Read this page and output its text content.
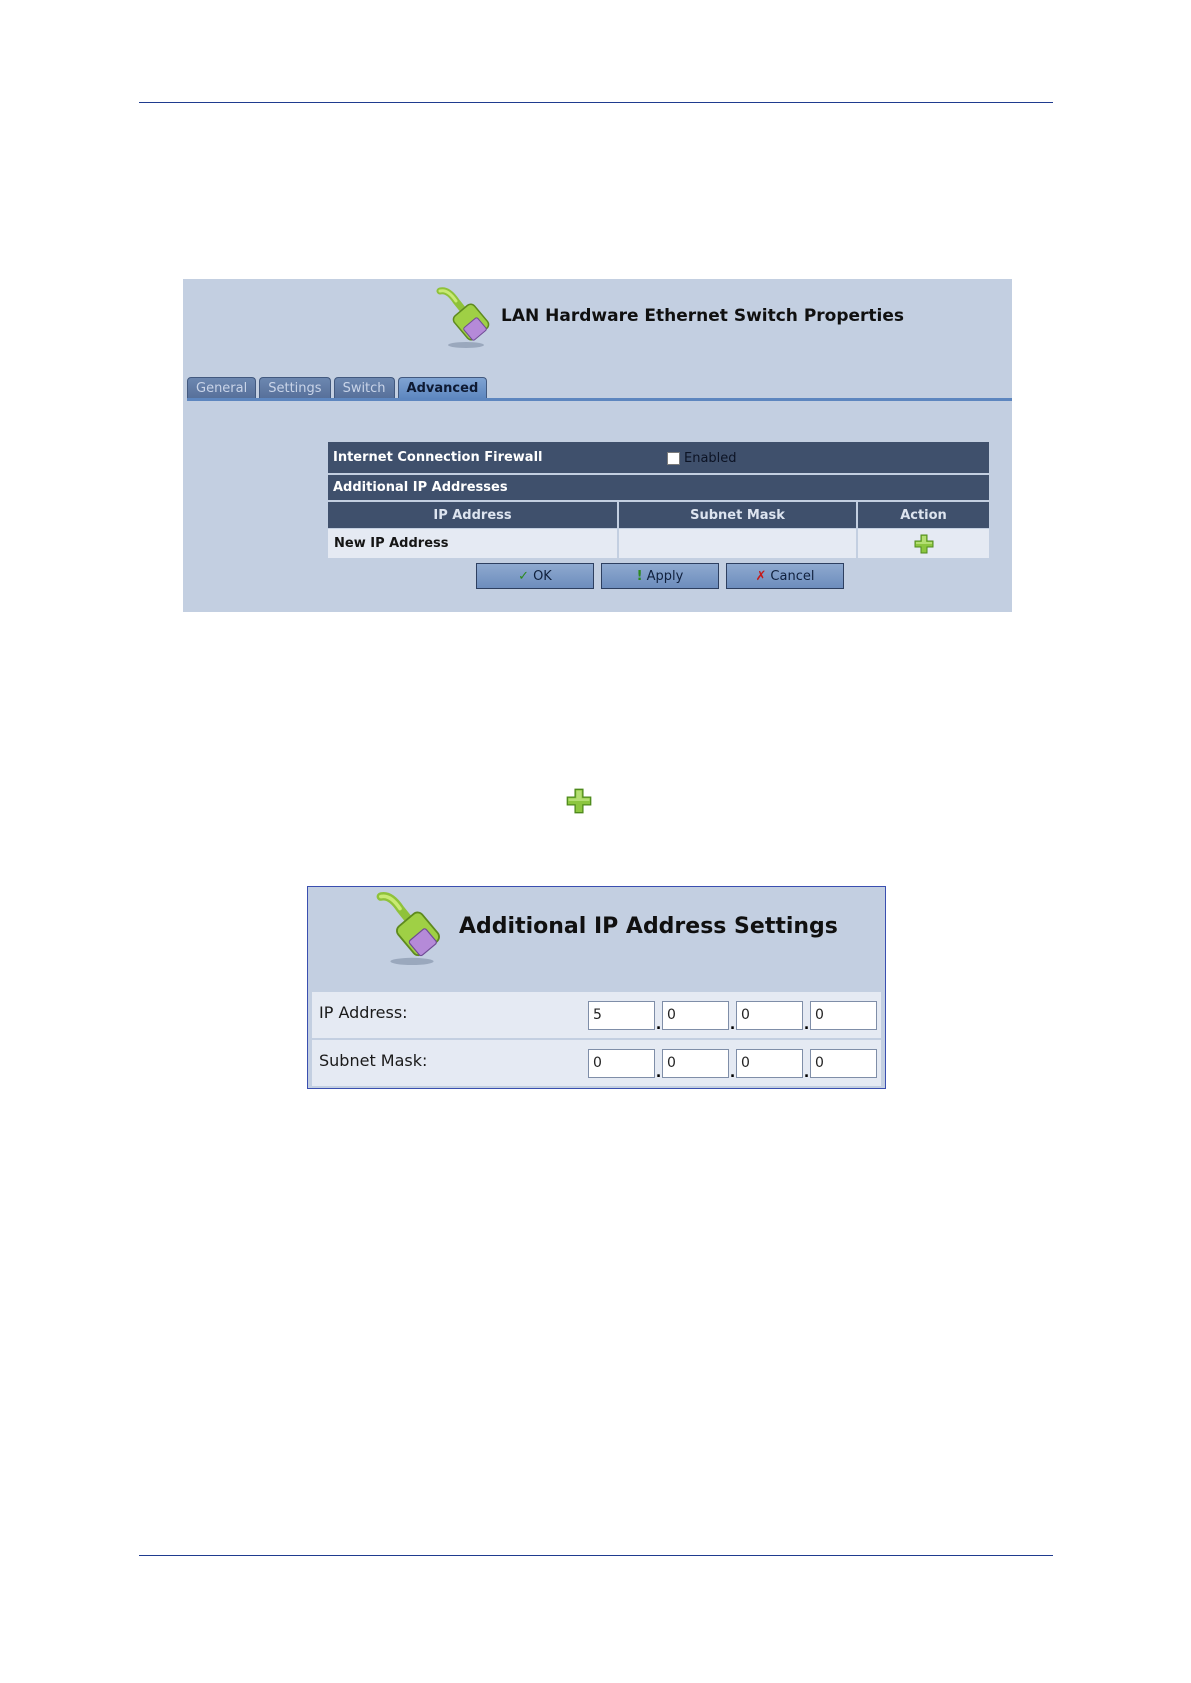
LAN Hardware Ethernet Switch Properties
General	Settings	Switch	Advanced
Internet Connection Firewall	Enabled
Additional IP Addresses
IP Address	Subnet Mask	Action
New IP Address
✓ OK	! Apply	✗ Cancel
Additional IP Address Settings
IP Address:	5
.
0
.
0
.
0
Subnet Mask:	0
.
0
.
0
.
0
